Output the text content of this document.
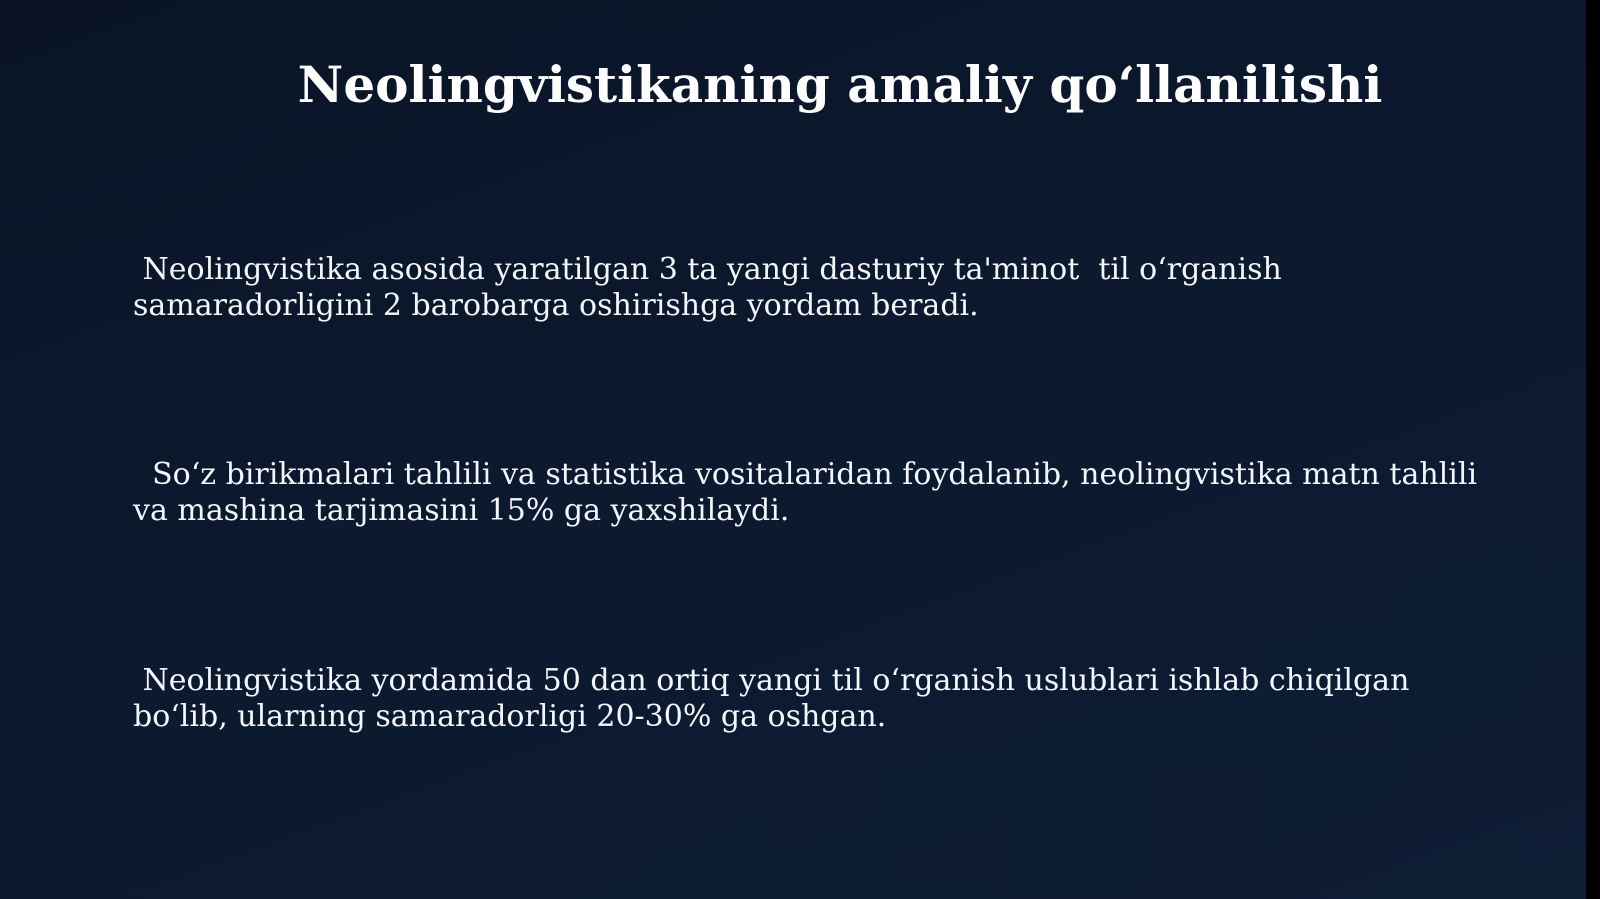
Neolingvistikaning amaliy qo‘llanilishi
Neolingvistika asosida yaratilgan 3 ta yangi dasturiy ta'minot  til o‘rganish samaradorligini 2 barobarga oshirishga yordam beradi.
So‘z birikmalari tahlili va statistika vositalaridan foydalanib, neolingvistika matn tahlili va mashina tarjimasini 15% ga yaxshilaydi.
Neolingvistika yordamida 50 dan ortiq yangi til o‘rganish uslublari ishlab chiqilgan bo‘lib, ularning samaradorligi 20-30% ga oshgan.
